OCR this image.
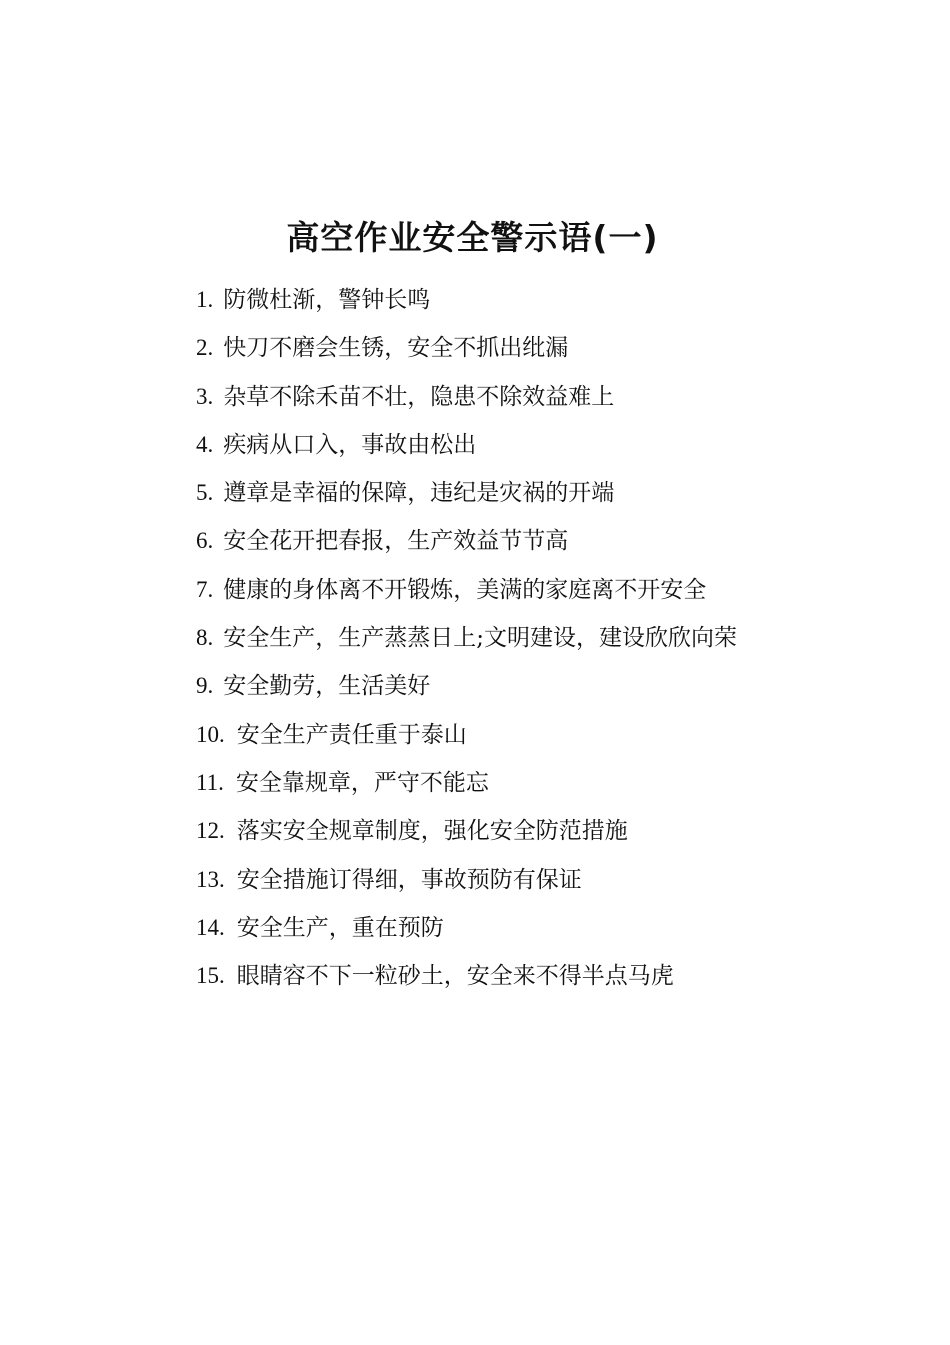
高空作业安全警示语(一)
1. 防微杜渐，警钟长鸣
2. 快刀不磨会生锈，安全不抓出纰漏
3. 杂草不除禾苗不壮，隐患不除效益难上
4. 疾病从口入，事故由松出
5. 遵章是幸福的保障，违纪是灾祸的开端
6. 安全花开把春报，生产效益节节高
7. 健康的身体离不开锻炼，美满的家庭离不开安全
8. 安全生产，生产蒸蒸日上;文明建设，建设欣欣向荣
9. 安全勤劳，生活美好
10. 安全生产责任重于泰山
11. 安全靠规章，严守不能忘
12. 落实安全规章制度，强化安全防范措施
13. 安全措施订得细，事故预防有保证
14. 安全生产，重在预防
15. 眼睛容不下一粒砂土，安全来不得半点马虎
